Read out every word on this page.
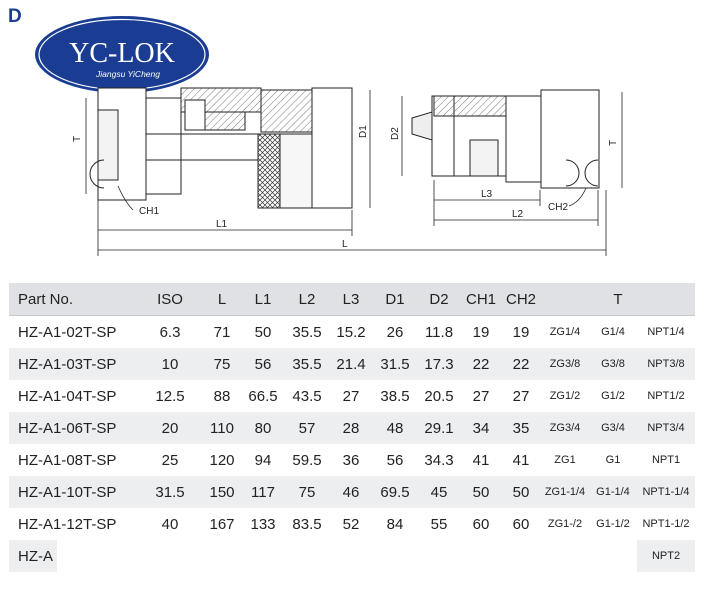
D
YC-LOK
Jiangsu YiCheng
T
D1 D2
T
L1
L
L3
L2
CH1	CH2
Part No.	ISO	L	L1	L2	L3	D1	D2	CH1	CH2	T		
HZ-A1-02T-SP	6.3	71	50	35.5	15.2	26	11.8	19	19	ZG1/4	G1/4	NPT1/4
HZ-A1-03T-SP	10	75	56	35.5	21.4	31.5	17.3	22	22	ZG3/8	G3/8	NPT3/8
HZ-A1-04T-SP	12.5	88	66.5	43.5	27	38.5	20.5	27	27	ZG1/2	G1/2	NPT1/2
HZ-A1-06T-SP	20	110	80	57	28	48	29.1	34	35	ZG3/4	G3/4	NPT3/4
HZ-A1-08T-SP	25	120	94	59.5	36	56	34.3	41	41	ZG1	G1	NPT1
HZ-A1-10T-SP	31.5	150	117	75	46	69.5	45	50	50	ZG1-1/4	G1-1/4	NPT1-1/4
HZ-A1-12T-SP	40	167	133	83.5	52	84	55	60	60	ZG1-/2	G1-1/2	NPT1-1/2
HZ-A												NPT2
